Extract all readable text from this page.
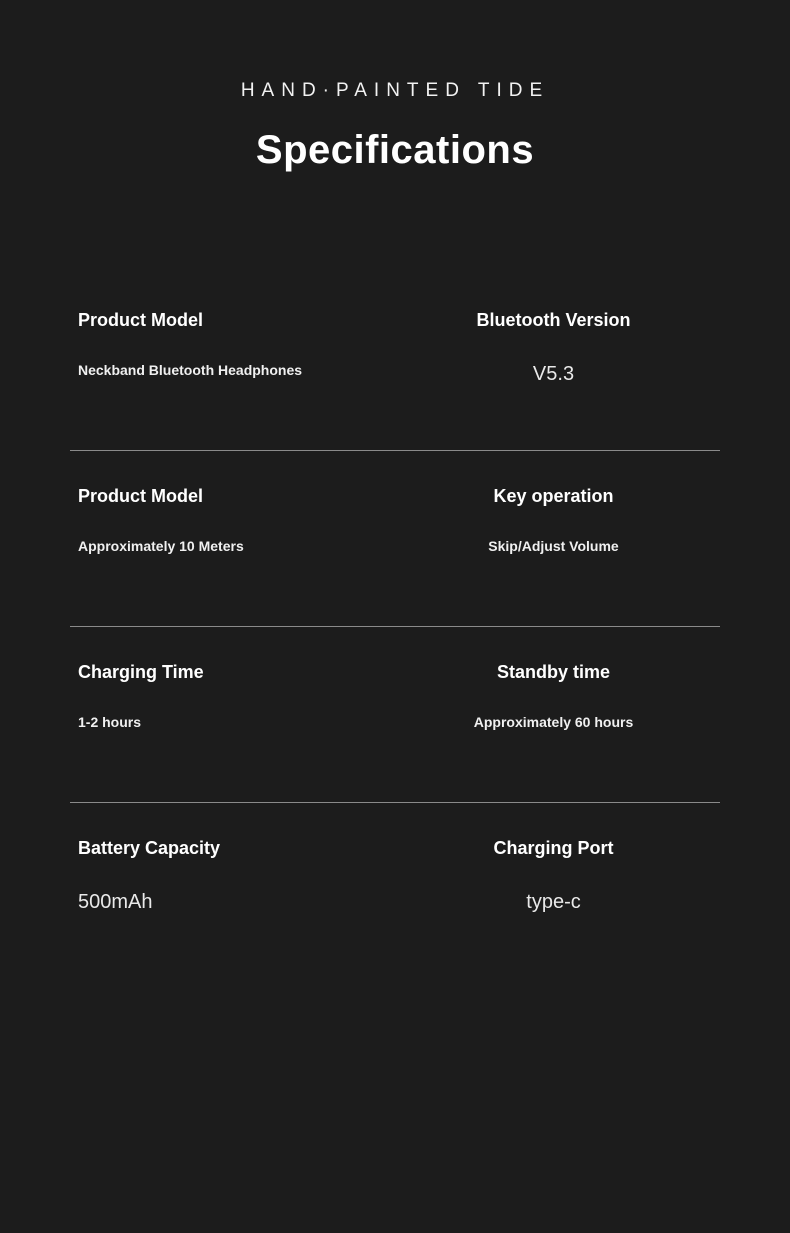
HAND·PAINTED TIDE
Specifications
Product Model
Neckband Bluetooth Headphones
Bluetooth Version
V5.3
Product Model
Approximately 10 Meters
Key operation
Skip/Adjust Volume
Charging Time
1-2 hours
Standby time
Approximately 60 hours
Battery Capacity
500mAh
Charging Port
type-c
